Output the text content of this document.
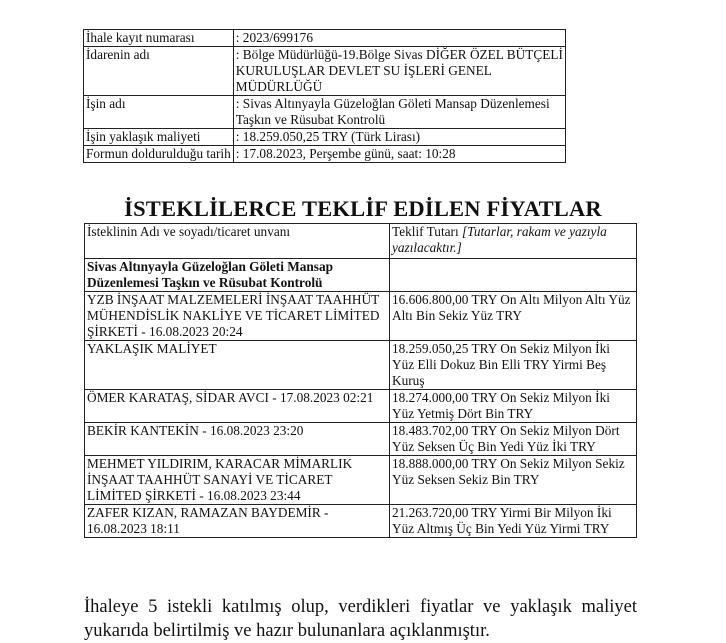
İhale kayıt numarası	: 2023/699176
İdarenin adı	: Bölge Müdürlüğü-19.Bölge Sivas DİĞER ÖZEL BÜTÇELİ KURULUŞLAR DEVLET SU İŞLERİ GENEL MÜDÜRLÜĞÜ
İşin adı	: Sivas Altınyayla Güzeloğlan Göleti Mansap Düzenlemesi Taşkın ve Rüsubat Kontrolü
İşin yaklaşık maliyeti	: 18.259.050,25 TRY (Türk Lirası)
Formun doldurulduğu tarih	: 17.08.2023, Perşembe günü, saat: 10:28
İSTEKLİLERCE TEKLİF EDİLEN FİYATLAR
İsteklinin Adı ve soyadı/ticaret unvanı	Teklif Tutarı [Tutarlar, rakam ve yazıyla yazılacaktır.]
Sivas Altınyayla Güzeloğlan Göleti Mansap Düzenlemesi Taşkın ve Rüsubat Kontrolü	
YZB İNŞAAT MALZEMELERİ İNŞAAT TAAHHÜT MÜHENDİSLİK NAKLİYE VE TİCARET LİMİTED ŞİRKETİ - 16.08.2023 20:24	16.606.800,00 TRY On Altı Milyon Altı Yüz Altı Bin Sekiz Yüz TRY
YAKLAŞIK MALİYET	18.259.050,25 TRY On Sekiz Milyon İki Yüz Elli Dokuz Bin Elli TRY Yirmi Beş Kuruş
ÖMER KARATAŞ, SİDAR AVCI - 17.08.2023 02:21	18.274.000,00 TRY On Sekiz Milyon İki Yüz Yetmiş Dört Bin TRY
BEKİR KANTEKİN - 16.08.2023 23:20	18.483.702,00 TRY On Sekiz Milyon Dört Yüz Seksen Üç Bin Yedi Yüz İki TRY
MEHMET YILDIRIM, KARACAR MİMARLIK İNŞAAT TAAHHÜT SANAYİ VE TİCARET LİMİTED ŞİRKETİ - 16.08.2023 23:44	18.888.000,00 TRY On Sekiz Milyon Sekiz Yüz Seksen Sekiz Bin TRY
ZAFER KIZAN, RAMAZAN BAYDEMİR - 16.08.2023 18:11	21.263.720,00 TRY Yirmi Bir Milyon İki Yüz Altmış Üç Bin Yedi Yüz Yirmi TRY

İhaleye 5 istekli katılmış olup, verdikleri fiyatlar ve yaklaşık maliyet yukarıda belirtilmiş ve hazır bulunanlara açıklanmıştır.
